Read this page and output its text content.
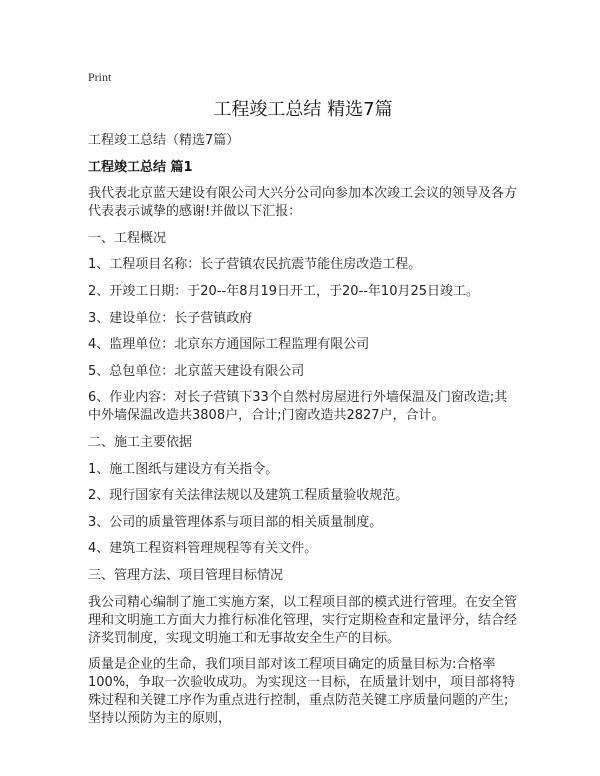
Print
工程竣工总结 精选7篇

工程竣工总结（精选7篇）

工程竣工总结 篇1

我代表北京蓝天建设有限公司大兴分公司向参加本次竣工会议的领导及各方代表表示诚挚的感谢!并做以下汇报：

一、工程概况

1、工程项目名称：长子营镇农民抗震节能住房改造工程。

2、开竣工日期：于20--年8月19日开工，于20--年10月25日竣工。

3、建设单位：长子营镇政府

4、监理单位：北京东方通国际工程监理有限公司

5、总包单位：北京蓝天建设有限公司

6、作业内容：对长子营镇下33个自然村房屋进行外墙保温及门窗改造;其中外墙保温改造共3808户，合计;门窗改造共2827户，合计。

二、施工主要依据

1、施工图纸与建设方有关指令。

2、现行国家有关法律法规以及建筑工程质量验收规范。

3、公司的质量管理体系与项目部的相关质量制度。

4、建筑工程资料管理规程等有关文件。

三、管理方法、项目管理目标情况

我公司精心编制了施工实施方案，以工程项目部的模式进行管理。在安全管理和文明施工方面大力推行标准化管理，实行定期检查和定量评分，结合经济奖罚制度，实现文明施工和无事故安全生产的目标。

质量是企业的生命，我们项目部对该工程项目确定的质量目标为:合格率100%，争取一次验收成功。为实现这一目标，在质量计划中，项目部将特殊过程和关键工序作为重点进行控制，重点防范关键工序质量问题的产生;坚持以预防为主的原则，
